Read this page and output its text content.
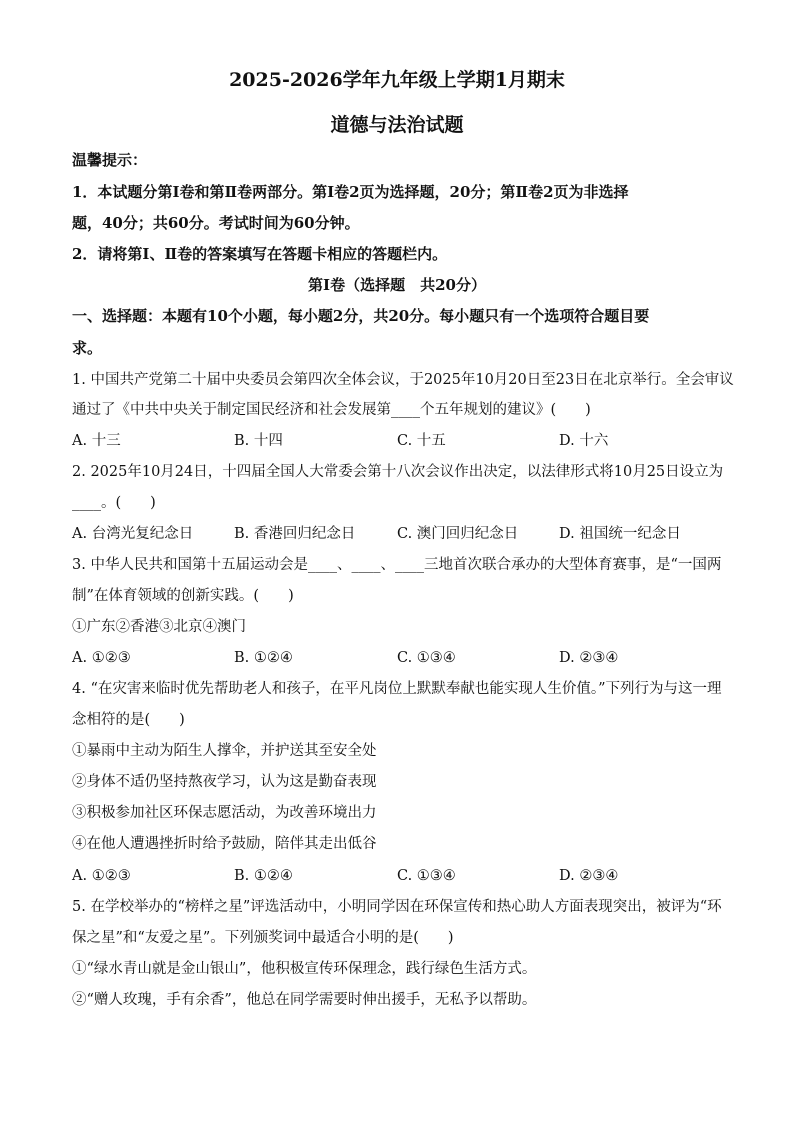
2025-2026学年九年级上学期1月期末
道德与法治试题
温馨提示：
1．本试题分第Ⅰ卷和第Ⅱ卷两部分。第Ⅰ卷2页为选择题，20分；第Ⅱ卷2页为非选择
题，40分；共60分。考试时间为60分钟。
2．请将第Ⅰ、Ⅱ卷的答案填写在答题卡相应的答题栏内。
第Ⅰ卷（选择题　共20分）
一、选择题：本题有10个小题，每小题2分，共20分。每小题只有一个选项符合题目要
求。
1. 中国共产党第二十届中央委员会第四次全体会议，于2025年10月20日至23日在北京举行。全会审议
通过了《中共中央关于制定国民经济和社会发展第____个五年规划的建议》(　　)
A. 十三	B. 十四	C. 十五	D. 十六
2. 2025年10月24日，十四届全国人大常委会第十八次会议作出决定，以法律形式将10月25日设立为
____。(　　)
A. 台湾光复纪念日	B. 香港回归纪念日	C. 澳门回归纪念日	D. 祖国统一纪念日
3. 中华人民共和国第十五届运动会是____、____、____三地首次联合承办的大型体育赛事，是“一国两
制”在体育领域的创新实践。(　　)
①广东②香港③北京④澳门
A. ①②③	B. ①②④	C. ①③④	D. ②③④
4. “在灾害来临时优先帮助老人和孩子，在平凡岗位上默默奉献也能实现人生价值。”下列行为与这一理
念相符的是(　　)
①暴雨中主动为陌生人撑伞，并护送其至安全处
②身体不适仍坚持熬夜学习，认为这是勤奋表现
③积极参加社区环保志愿活动，为改善环境出力
④在他人遭遇挫折时给予鼓励，陪伴其走出低谷
A. ①②③	B. ①②④	C. ①③④	D. ②③④
5. 在学校举办的“榜样之星”评选活动中，小明同学因在环保宣传和热心助人方面表现突出，被评为“环
保之星”和“友爱之星”。下列颁奖词中最适合小明的是(　　)
①“绿水青山就是金山银山”，他积极宣传环保理念，践行绿色生活方式。
②“赠人玫瑰，手有余香”，他总在同学需要时伸出援手，无私予以帮助。
